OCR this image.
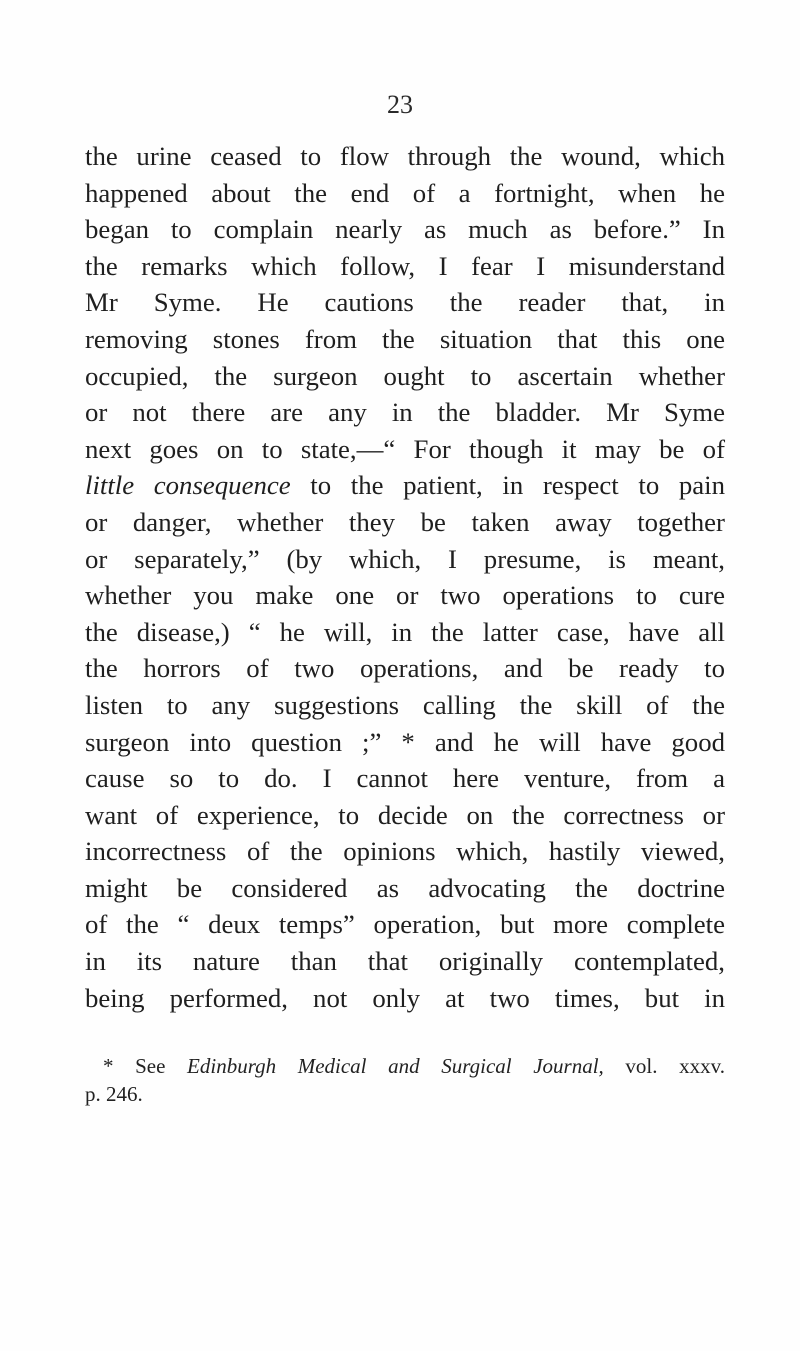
23
the urine ceased to flow through the wound, which
happened about the end of a fortnight, when he
began to complain nearly as much as before.” In
the remarks which follow, I fear I misunderstand
Mr Syme. He cautions the reader that, in
removing stones from the situation that this one
occupied, the surgeon ought to ascertain whether
or not there are any in the bladder. Mr Syme
next goes on to state,—“ For though it may be of
little consequence to the patient, in respect to pain
or danger, whether they be taken away together
or separately,” (by which, I presume, is meant,
whether you make one or two operations to cure
the disease,) “ he will, in the latter case, have all
the horrors of two operations, and be ready to
listen to any suggestions calling the skill of the
surgeon into question ;” * and he will have good
cause so to do. I cannot here venture, from a
want of experience, to decide on the correctness or
incorrectness of the opinions which, hastily viewed,
might be considered as advocating the doctrine
of the “ deux temps” operation, but more complete
in its nature than that originally contemplated,
being performed, not only at two times, but in
* See Edinburgh Medical and Surgical Journal, vol. xxxv.
p. 246.
